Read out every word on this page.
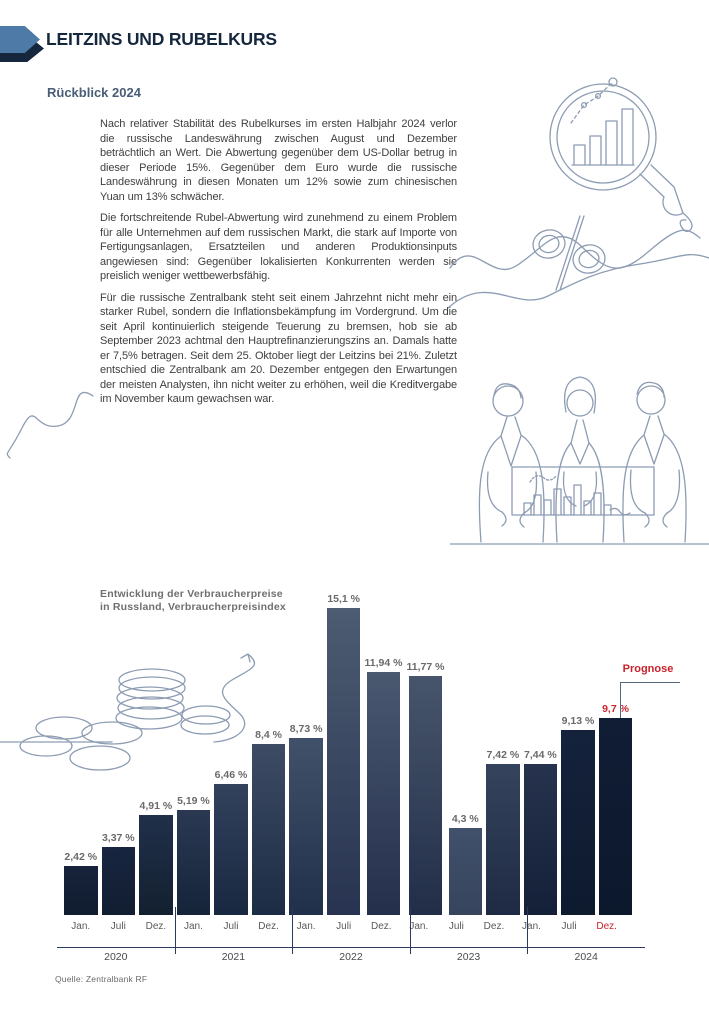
LEITZINS UND RUBELKURS
Rückblick 2024

Nach relativer Stabilität des Rubelkurses im ersten Halbjahr 2024 verlor die russische Landeswährung zwischen August und Dezember beträchtlich an Wert. Die Abwertung gegenüber dem US-Dollar betrug in dieser Periode 15%. Gegenüber dem Euro wurde die russische Landeswährung in diesen Monaten um 12% sowie zum chinesischen Yuan um 13% schwächer.

Die fortschreitende Rubel-Abwertung wird zunehmend zu einem Problem für alle Unternehmen auf dem russischen Markt, die stark auf Importe von Fertigungsanlagen, Ersatzteilen und anderen Produktionsinputs angewiesen sind: Gegenüber lokalisierten Konkurrenten werden sie preislich weniger wettbewerbsfähig.

Für die russische Zentralbank steht seit einem Jahrzehnt nicht mehr ein starker Rubel, sondern die Inflationsbekämpfung im Vordergrund. Um die seit April kontinuierlich steigende Teuerung zu bremsen, hob sie ab September 2023 achtmal den Hauptrefinanzierungszins an. Damals hatte er 7,5% betragen. Seit dem 25. Oktober liegt der Leitzins bei 21%. Zuletzt entschied die Zentralbank am 20. Dezember entgegen den Erwartungen der meisten Analysten, ihn nicht weiter zu erhöhen, weil die Kreditvergabe im November kaum gewachsen war.

Entwicklung der Verbraucherpreise
in Russland, Verbraucherpreisindex
2,42 %
3,37 %
4,91 % 5,19 %
6,46 %
8,4 %
8,73 %
15,1 %
11,94 % 11,77 %
4,3 %
7,42 % 7,44 %
9,13 %
9,7 %
Jan.	Juli	Dez.	Jan.	Juli	Dez.	Jan.	Juli	Dez.	Jan.	Juli	Dez.	Jan.	Juli	Dez.
2020	2021	2022	2023	2024
Prognose
Quelle: Zentralbank RF
